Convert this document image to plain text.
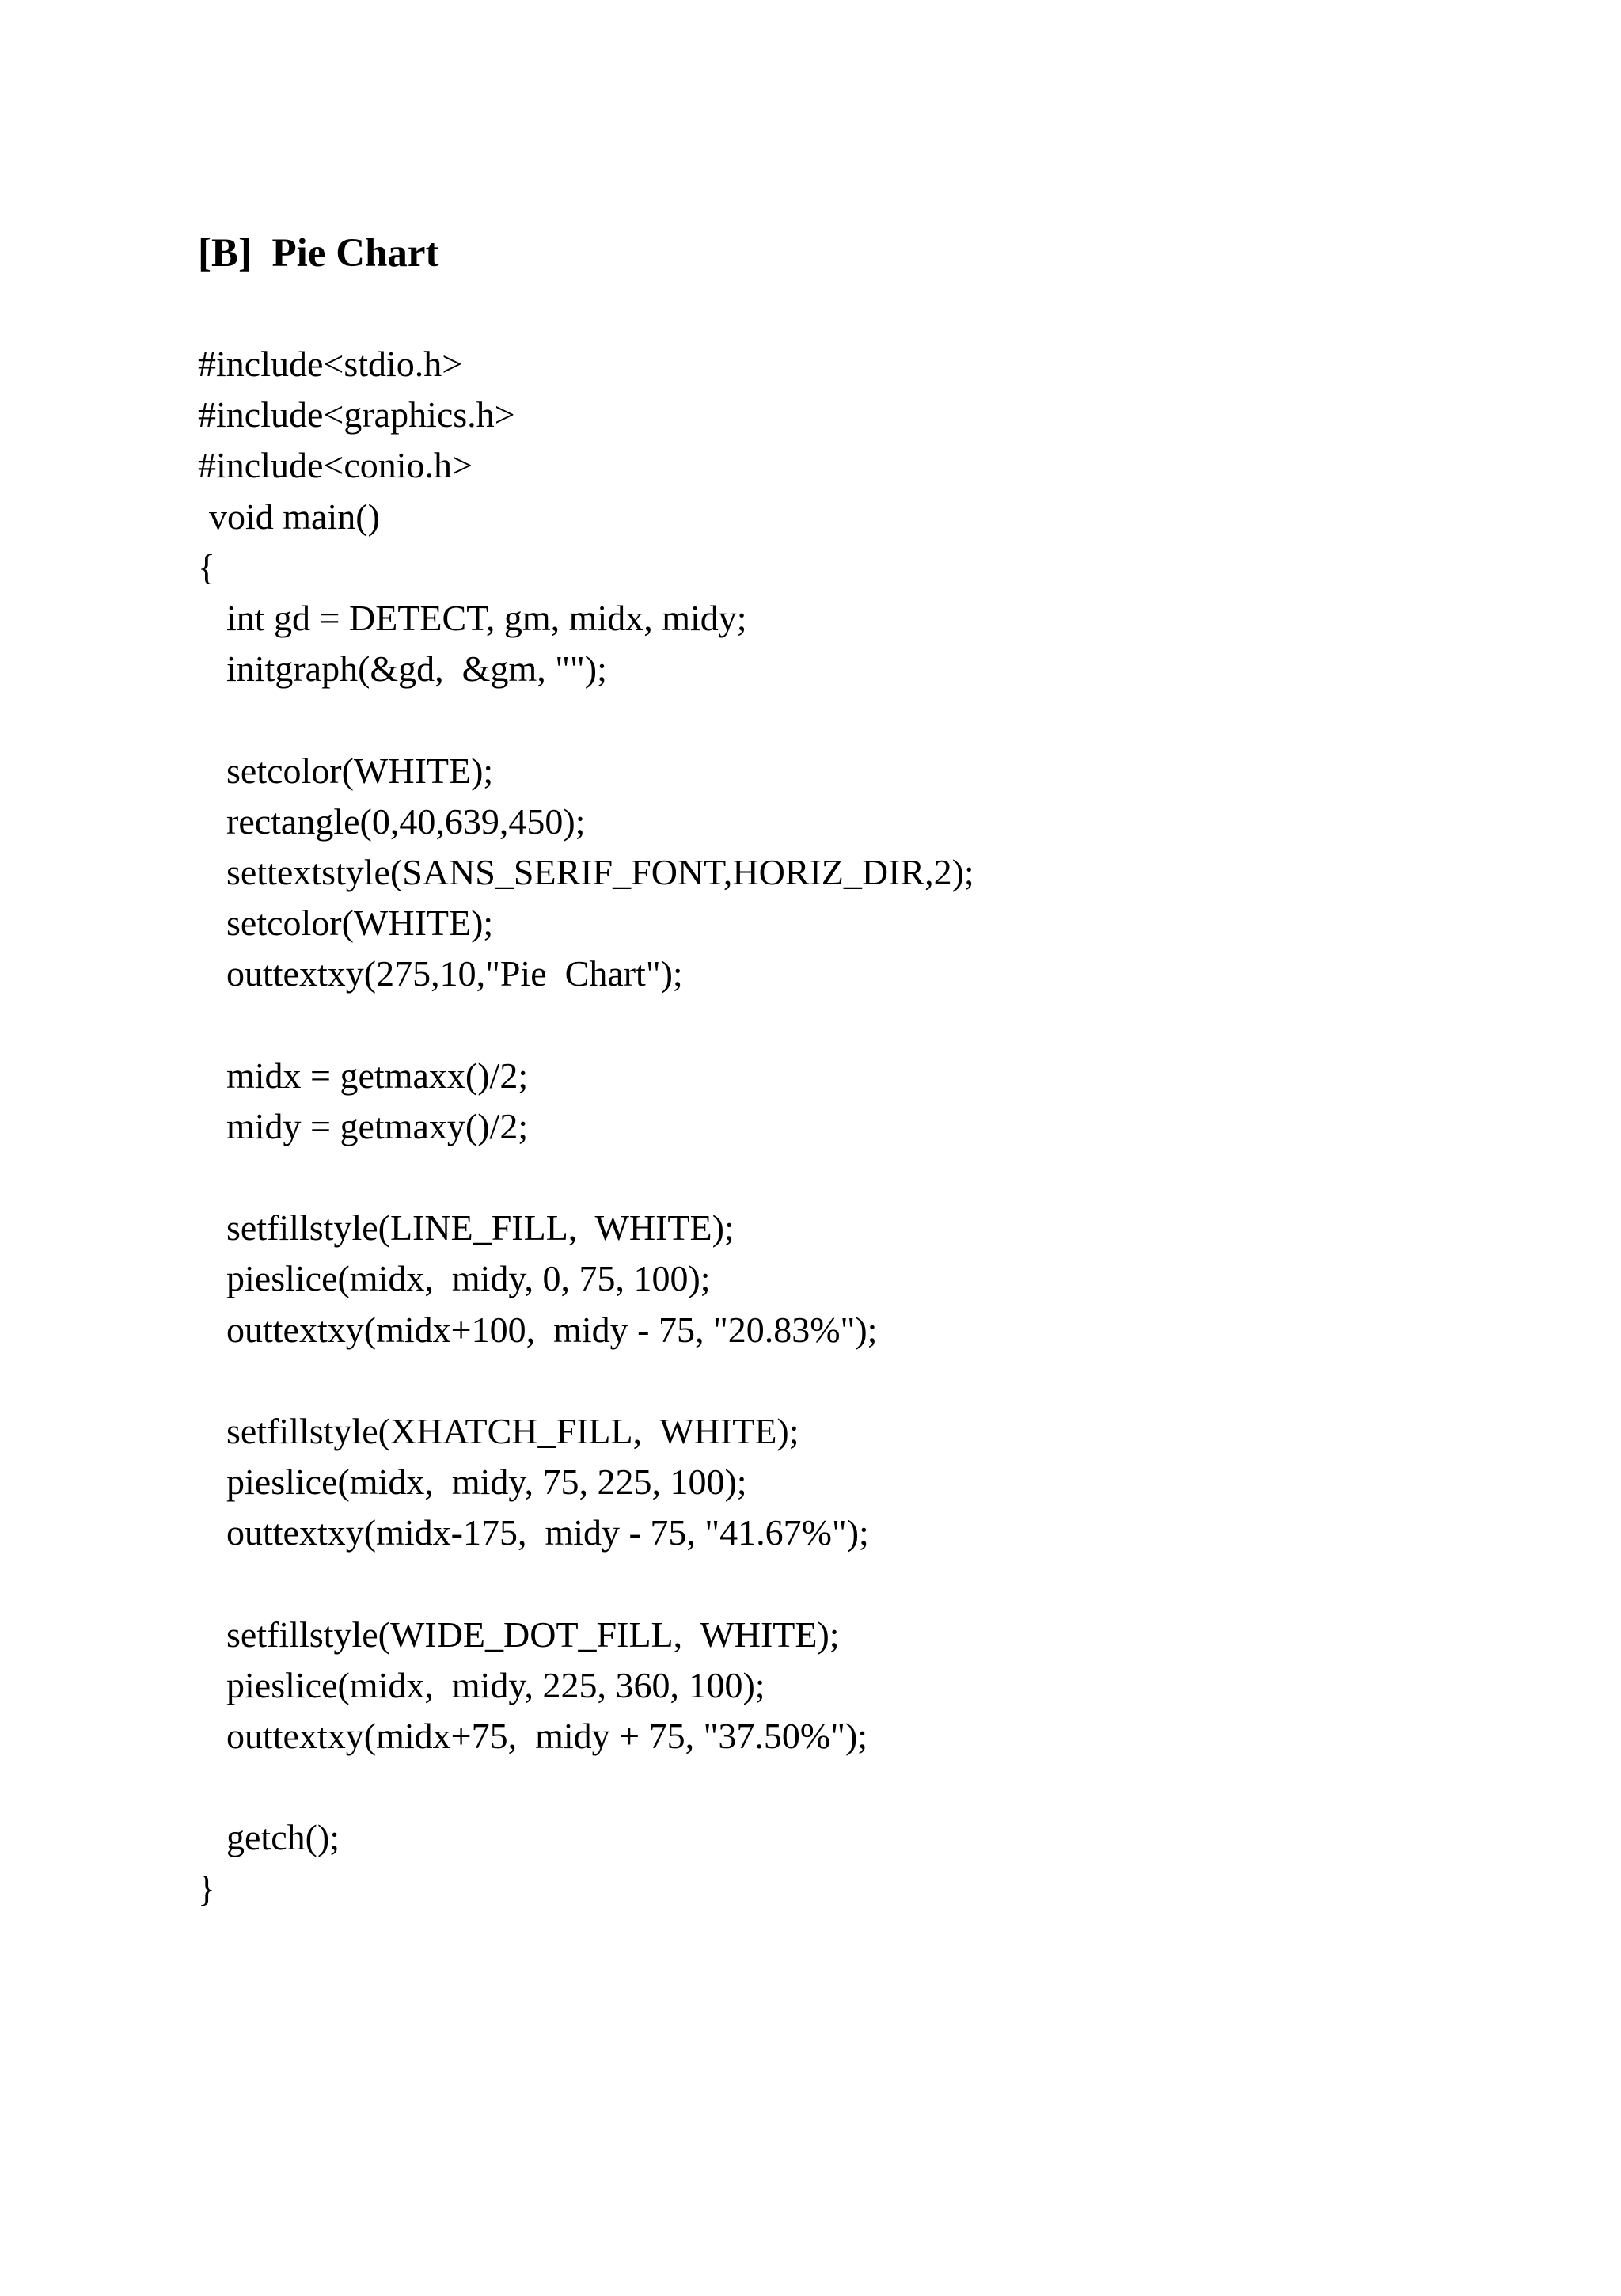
[B]  Pie Chart
#include<stdio.h>
#include<graphics.h>
#include<conio.h>
void main()
{
int gd = DETECT, gm, midx, midy;
initgraph(&gd,  &gm, "");
setcolor(WHITE);
rectangle(0,40,639,450);
settextstyle(SANS_SERIF_FONT,HORIZ_DIR,2);
setcolor(WHITE);
outtextxy(275,10,"Pie  Chart");
midx = getmaxx()/2;
midy = getmaxy()/2;
setfillstyle(LINE_FILL,  WHITE);
pieslice(midx,  midy, 0, 75, 100);
outtextxy(midx+100,  midy - 75, "20.83%");
setfillstyle(XHATCH_FILL,  WHITE);
pieslice(midx,  midy, 75, 225, 100);
outtextxy(midx-175,  midy - 75, "41.67%");
setfillstyle(WIDE_DOT_FILL,  WHITE);
pieslice(midx,  midy, 225, 360, 100);
outtextxy(midx+75,  midy + 75, "37.50%");
getch();
}
